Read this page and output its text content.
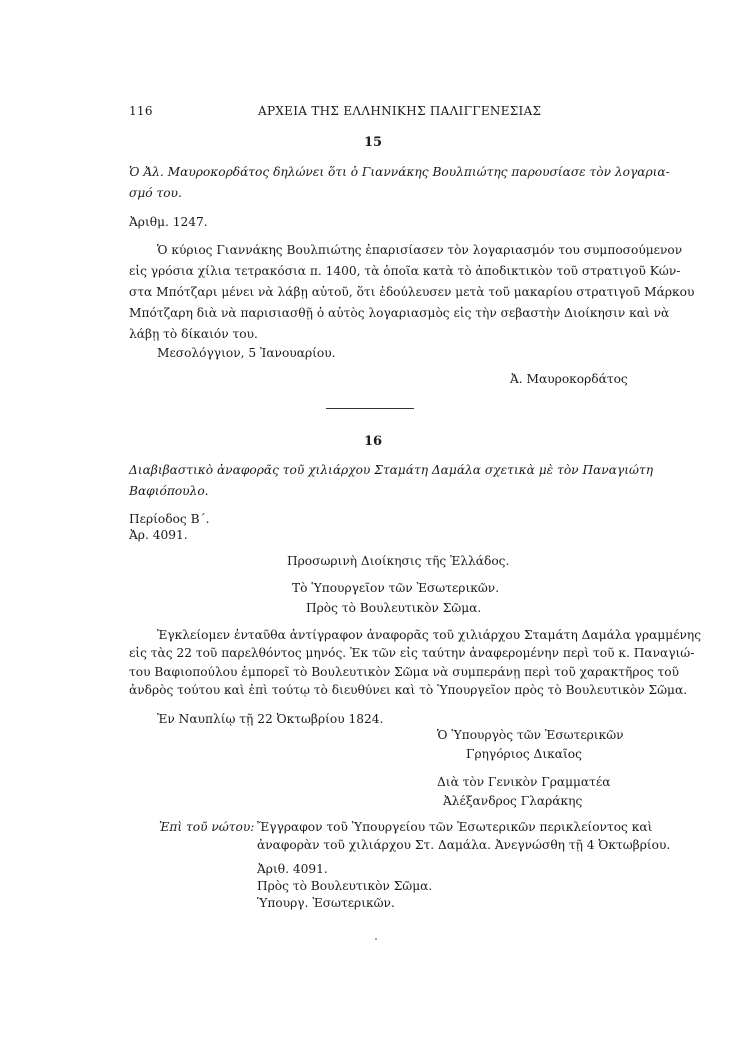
116	ΑΡΧΕΙΑ ΤΗΣ ΕΛΛΗΝΙΚΗΣ ΠΑΛΙΓΓΕΝΕΣΙΑΣ
15
Ὁ Ἀλ. Μαυροκορδάτος δηλώνει ὅτι ὁ Γιαννάκης Βουλπιώτης παρουσίασε τὸν λογαρια-
σμό του.
Ἀριθμ. 1247.
Ὁ κύριος Γιαννάκης Βουλπιώτης ἐπαρισίασεν τὸν λογαριασμόν του συμποσούμενον
εἰς γρόσια χίλια τετρακόσια π. 1400, τὰ ὁποῖα κατὰ τὸ ἀποδικτικὸν τοῦ στρατιγοῦ Κών-
στα Μπότζαρι μένει νὰ λάβῃ αὐτοῦ, ὅτι ἐδούλευσεν μετὰ τοῦ μακαρίου στρατιγοῦ Μάρκου
Μπότζαρη διὰ νὰ παρισιασθῇ ὁ αὐτὸς λογαριασμὸς εἰς τὴν σεβαστὴν Διοίκησιν καὶ νὰ
λάβῃ τὸ δίκαιόν του.
Μεσολόγγιον, 5 Ἰανουαρίου.
Ἀ. Μαυροκορδάτος
16
Διαβιβαστικὸ ἀναφορᾶς τοῦ χιλιάρχου Σταμάτη Δαμάλα σχετικὰ μὲ τὸν Παναγιώτη
Βαφιόπουλο.
Περίοδος Β΄.
Ἀρ. 4091.
Προσωρινὴ Διοίκησις τῆς Ἑλλάδος.
Τὸ Ὑπουργεῖον τῶν Ἐσωτερικῶν.
Πρὸς τὸ Βουλευτικὸν Σῶμα.
Ἐγκλείομεν ἐνταῦθα ἀντίγραφον ἀναφορᾶς τοῦ χιλιάρχου Σταμάτη Δαμάλα γραμμένης
εἰς τὰς 22 τοῦ παρελθόντος μηνός. Ἐκ τῶν εἰς ταύτην ἀναφερομένην περὶ τοῦ κ. Παναγιώ-
του Βαφιοπούλου ἐμπορεῖ τὸ Βουλευτικὸν Σῶμα νὰ συμπεράνῃ περὶ τοῦ χαρακτῆρος τοῦ
ἀνδρὸς τούτου καὶ ἐπὶ τούτῳ τὸ διευθύνει καὶ τὸ Ὑπουργεῖον πρὸς τὸ Βουλευτικὸν Σῶμα.
Ἐν Ναυπλίῳ τῇ 22 Ὀκτωβρίου 1824.
Ὁ Ὑπουργὸς τῶν Ἐσωτερικῶν
Γρηγόριος Δικαῖος
Διὰ τὸν Γενικὸν Γραμματέα
Ἀλέξανδρος Γλαράκης
Ἐπὶ τοῦ νώτου: Ἔγγραφον τοῦ Ὑπουργείου τῶν Ἐσωτερικῶν περικλείοντος καὶ
ἀναφορὰν τοῦ χιλιάρχου Στ. Δαμάλα. Ἀνεγνώσθη τῇ 4 Ὀκτωβρίου.
Ἀριθ. 4091.
Πρὸς τὸ Βουλευτικὸν Σῶμα.
Ὑπουργ. Ἐσωτερικῶν.
